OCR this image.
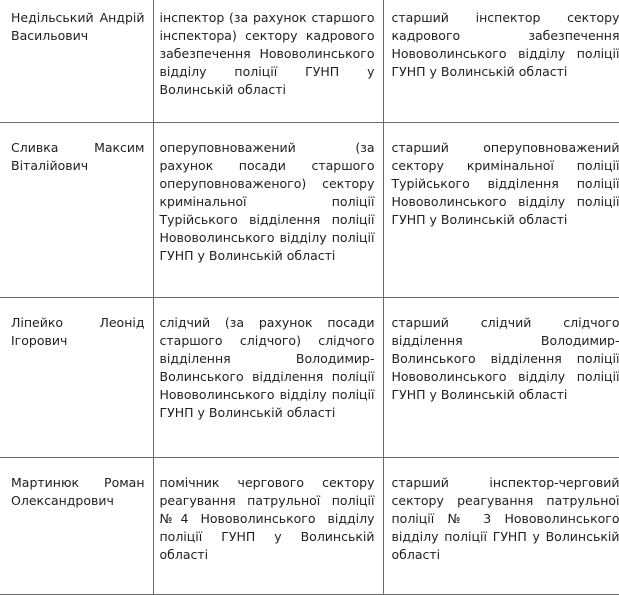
Недільський Андрій Васильович	інспектор (за рахунок старшого інспектора) сектору кадрового забезпечення Нововолинського відділу поліції ГУНП у Волинській області	старший інспектор сектору кадрового забезпечення Нововолинського відділу поліції ГУНП у Волинській області

Сливка Максим Віталійович	оперуповноважений (за рахунок посади старшого оперуповноваженого) сектору кримінальної поліції Турійського відділення поліції Нововолинського відділу поліції ГУНП у Волинській області	старший оперуповноважений сектору кримінальної поліції Турійського відділення поліції Нововолинського відділу поліції ГУНП у Волинській області

Ліпейко Леонід Ігорович	слідчий (за рахунок посади старшого слідчого) слідчого відділення Володимир-Волинського відділення поліції Нововолинського відділу поліції ГУНП у Волинській області	старший слідчий слідчого відділення Володимир-Волинського відділення поліції Нововолинського відділу поліції ГУНП у Волинській області

Мартинюк Роман Олександрович	помічник чергового сектору реагування патрульної поліції №4 Нововолинського відділу поліції ГУНП у Волинській області	старший інспектор-черговий сектору реагування патрульної поліції № 3 Нововолинського відділу поліції ГУНП у Волинській області
